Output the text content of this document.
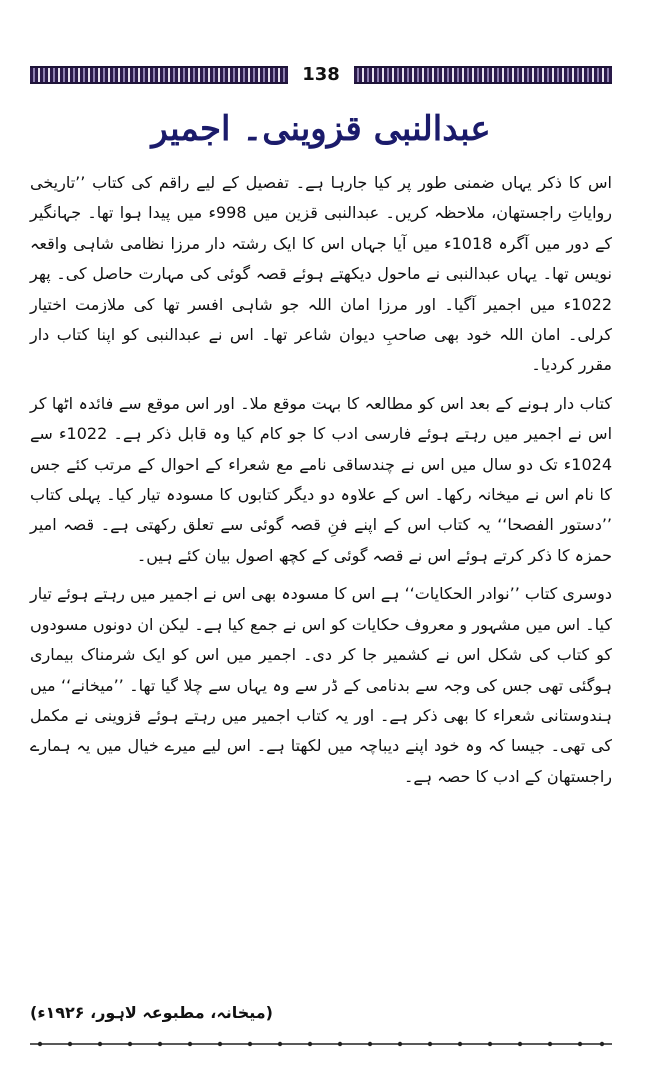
138
عبدالنبی قزوینی۔ اجمیر

اس کا ذکر یہاں ضمنی طور پر کیا جارہا ہے۔ تفصیل کے لیے راقم کی کتاب ’’تاریخی روایاتِ راجستھان، ملاحظہ کریں۔ عبدالنبی قزین میں 998ء میں پیدا ہوا تھا۔ جہانگیر کے دور میں آگرہ 1018ء میں آیا جہاں اس کا ایک رشتہ دار مرزا نظامی شاہی واقعہ نویس تھا۔ یہاں عبدالنبی نے ماحول دیکھتے ہوئے قصہ گوئی کی مہارت حاصل کی۔ پھر 1022ء میں اجمیر آگیا۔ اور مرزا امان اللہ جو شاہی افسر تھا کی ملازمت اختیار کرلی۔ امان اللہ خود بھی صاحبِ دیوان شاعر تھا۔ اس نے عبدالنبی کو اپنا کتاب دار مقرر کردیا۔

کتاب دار ہونے کے بعد اس کو مطالعہ کا بہت موقع ملا۔ اور اس موقع سے فائدہ اٹھا کر اس نے اجمیر میں رہتے ہوئے فارسی ادب کا جو کام کیا وہ قابل ذکر ہے۔ 1022ء سے 1024ء تک دو سال میں اس نے چندساقی نامے مع شعراء کے احوال کے مرتب کئے جس کا نام اس نے میخانہ رکھا۔ اس کے علاوہ دو دیگر کتابوں کا مسودہ تیار کیا۔ پہلی کتاب ’’دستور الفصحا‘‘ یہ کتاب اس کے اپنے فنِ قصہ گوئی سے تعلق رکھتی ہے۔ قصہ امیر حمزہ کا ذکر کرتے ہوئے اس نے قصہ گوئی کے کچھ اصول بیان کئے ہیں۔

دوسری کتاب ’’نوادر الحکایات‘‘ ہے اس کا مسودہ بھی اس نے اجمیر میں رہتے ہوئے تیار کیا۔ اس میں مشہور و معروف حکایات کو اس نے جمع کیا ہے۔ لیکن ان دونوں مسودوں کو کتاب کی شکل اس نے کشمیر جا کر دی۔ اجمیر میں اس کو ایک شرمناک بیماری ہوگئی تھی جس کی وجہ سے بدنامی کے ڈر سے وہ یہاں سے چلا گیا تھا۔ ’’میخانے‘‘ میں ہندوستانی شعراء کا بھی ذکر ہے۔ اور یہ کتاب اجمیر میں رہتے ہوئے قزوینی نے مکمل کی تھی۔ جیسا کہ وہ خود اپنے دیباچہ میں لکھتا ہے۔ اس لیے میرے خیال میں یہ ہمارے راجستھان کے ادب کا حصہ ہے۔

(میخانہ، مطبوعہ لاہور، ۱۹۲۶ء)
